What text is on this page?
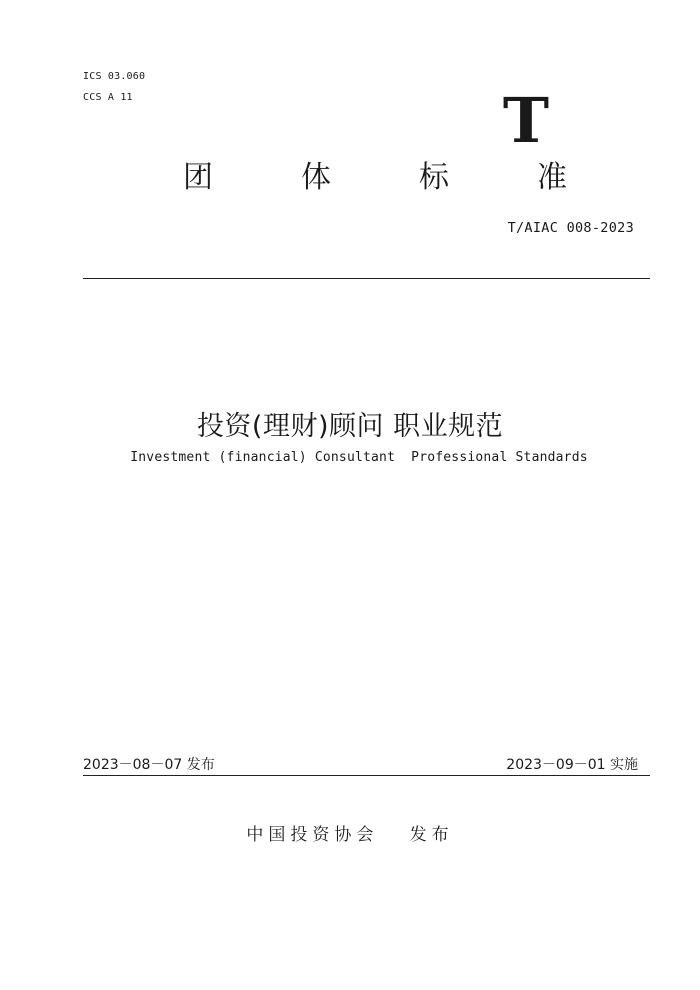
ICS 03.060
CCS A 11	T
团	体	标	准
T/AIAC 008-2023
投资(理财)顾问 职业规范
Investment (financial) Consultant  Professional Standards
2023－08－07 发布	2023－09－01 实施
中国投资协会   发布
